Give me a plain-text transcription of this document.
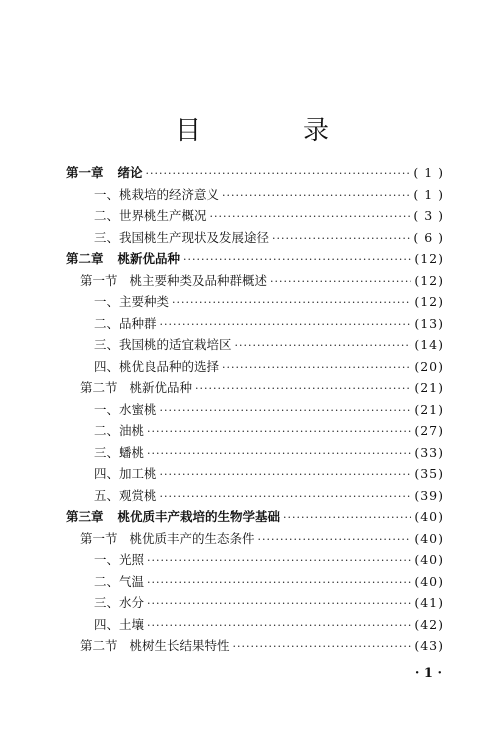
目　录
第一章 绪论 ·····	( 1 )
一、桃栽培的经济意义 ·····	( 1 )
二、世界桃生产概况 ·····	( 3 )
三、我国桃生产现状及发展途径 ·····	( 6 )
第二章 桃新优品种 ·····	(12)
第一节 桃主要种类及品种群概述 ·····	(12)
一、主要种类 ·····	(12)
二、品种群 ·····	(13)
三、我国桃的适宜栽培区 ·····	(14)
四、桃优良品种的选择 ·····	(20)
第二节 桃新优品种 ·····	(21)
一、水蜜桃 ·····	(21)
二、油桃 ·····	(27)
三、蟠桃 ·····	(33)
四、加工桃 ·····	(35)
五、观赏桃 ·····	(39)
第三章 桃优质丰产栽培的生物学基础 ·····	(40)
第一节 桃优质丰产的生态条件 ·····	(40)
一、光照 ·····	(40)
二、气温 ·····	(40)
三、水分 ·····	(41)
四、土壤 ·····	(42)
第二节 桃树生长结果特性 ·····	(43)
· 1 ·
